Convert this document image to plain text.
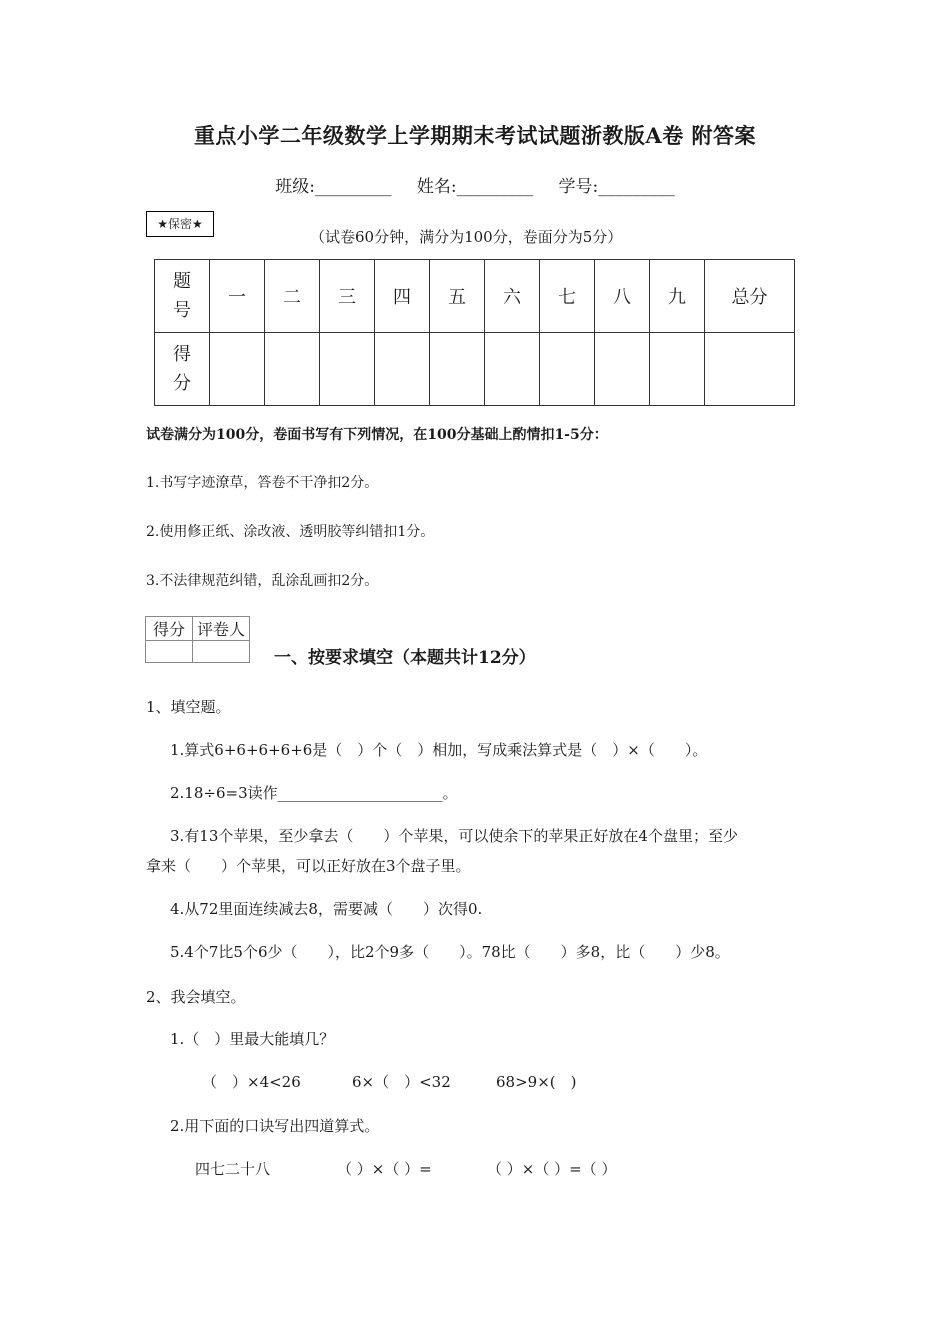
重点小学二年级数学上学期期末考试试题浙教版A卷 附答案
班级:_________ 姓名:_________ 学号:_________
★保密★
（试卷60分钟，满分为100分，卷面分为5分）
题
号	一	二	三	四	五	六	七	八	九	总分

得
分										

试卷满分为100分，卷面书写有下列情况，在100分基础上酌情扣1-5分：
1.书写字迹潦草，答卷不干净扣2分。
2.使用修正纸、涂改液、透明胶等纠错扣1分。
3.不法律规范纠错，乱涂乱画扣2分。
得分	评卷人

一、按要求填空（本题共计12分）
1、填空题。
1.算式6+6+6+6+6是（　）个（　）相加，写成乘法算式是（　）×（　　）。
2.18÷6=3读作______________________。
3.有13个苹果，至少拿去（　　）个苹果，可以使余下的苹果正好放在4个盘里；至少
拿来（　　）个苹果，可以正好放在3个盘子里。
4.从72里面连续减去8，需要减（　　）次得0.
5.4个7比5个6少（　　），比2个9多（　　）。78比（　　）多8，比（　　）少8。
2、我会填空。
1.（　）里最大能填几？
（　）×4<26	6×（　）<32	68>9×(　)
2.用下面的口诀写出四道算式。
四七二十八	（ ）×（ ）=	（ ）×（ ）=（ ）
